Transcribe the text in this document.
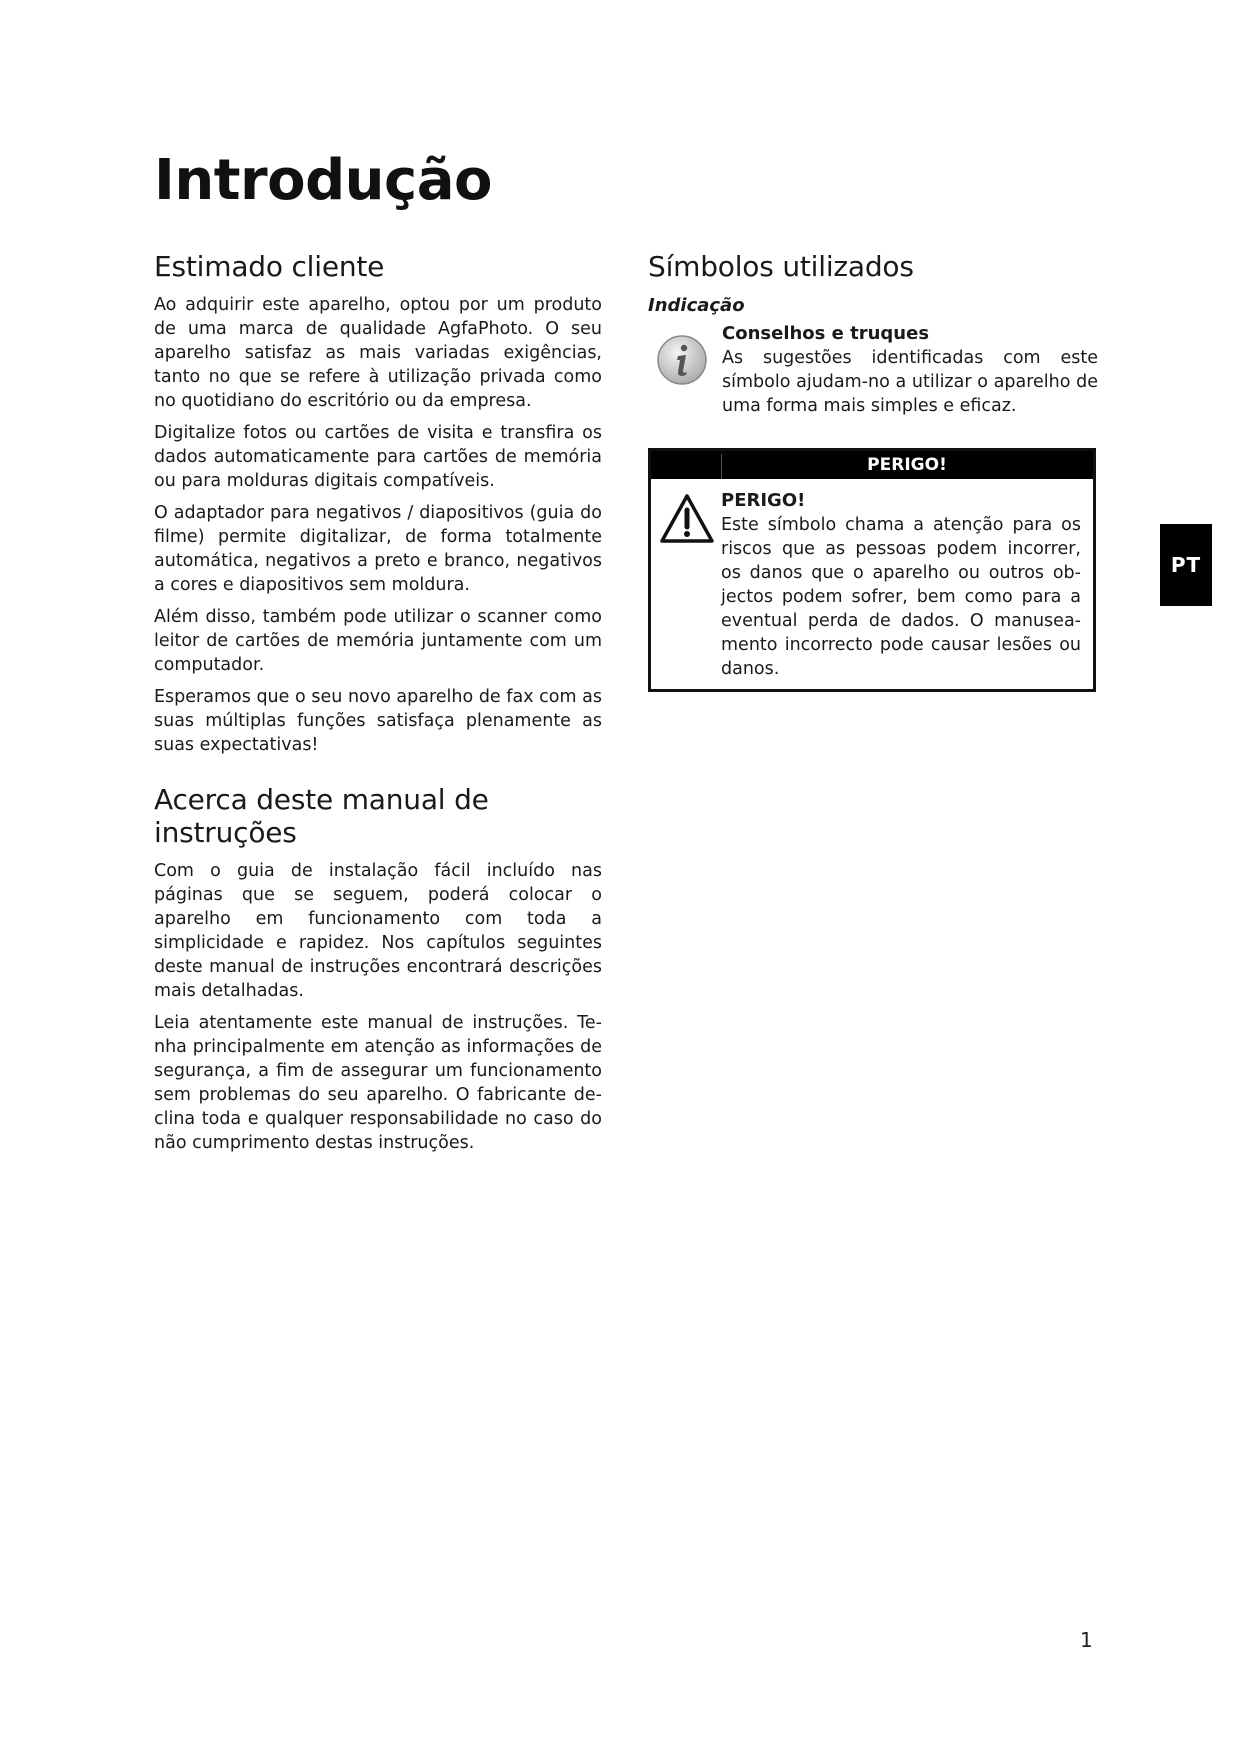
Introdução
Estimado cliente

Ao adquirir este aparelho, optou por um produto de uma marca de qualidade AgfaPhoto. O seu aparelho satisfaz as mais variadas exigências, tanto no que se refere à utilização privada como no quotidiano do escritório ou da empresa.

Digitalize fotos ou cartões de visita e transfira os dados automaticamente para cartões de memória ou para molduras digitais compatíveis.

O adaptador para negativos / diapositivos (guia do filme) permite digitalizar, de forma totalmente automática, negativos a preto e branco, negativos a cores e diapositivos sem moldura.

Além disso, também pode utilizar o scanner como leitor de cartões de memória juntamente com um computador.

Esperamos que o seu novo aparelho de fax com as suas múltiplas funções satisfaça plenamente as suas expectativas!

Acerca deste manual de instruções

Com o guia de instalação fácil incluído nas páginas que se seguem, poderá colocar o aparelho em funcionamento com toda a simplicidade e rapidez. Nos capítulos seguintes deste manual de instruções encontrará descrições mais detalhadas.

Leia atentamente este manual de instruções. Tenha principalmente em atenção as informações de segurança, a fim de assegurar um funcionamento sem problemas do seu aparelho. O fabricante declina toda e qualquer responsabilidade no caso do não cumprimento destas instruções.

Símbolos utilizados
Indicação
Conselhos e truques

As sugestões identificadas com este símbolo ajudam-no a utilizar o aparelho de uma forma mais simples e eficaz.

PERIGO!
PERIGO!

Este símbolo chama a atenção para os riscos que as pessoas podem incorrer, os danos que o aparelho ou outros objectos podem sofrer, bem como para a eventual perda de dados. O manuseamento incorrecto pode causar lesões ou danos.

PT
1
